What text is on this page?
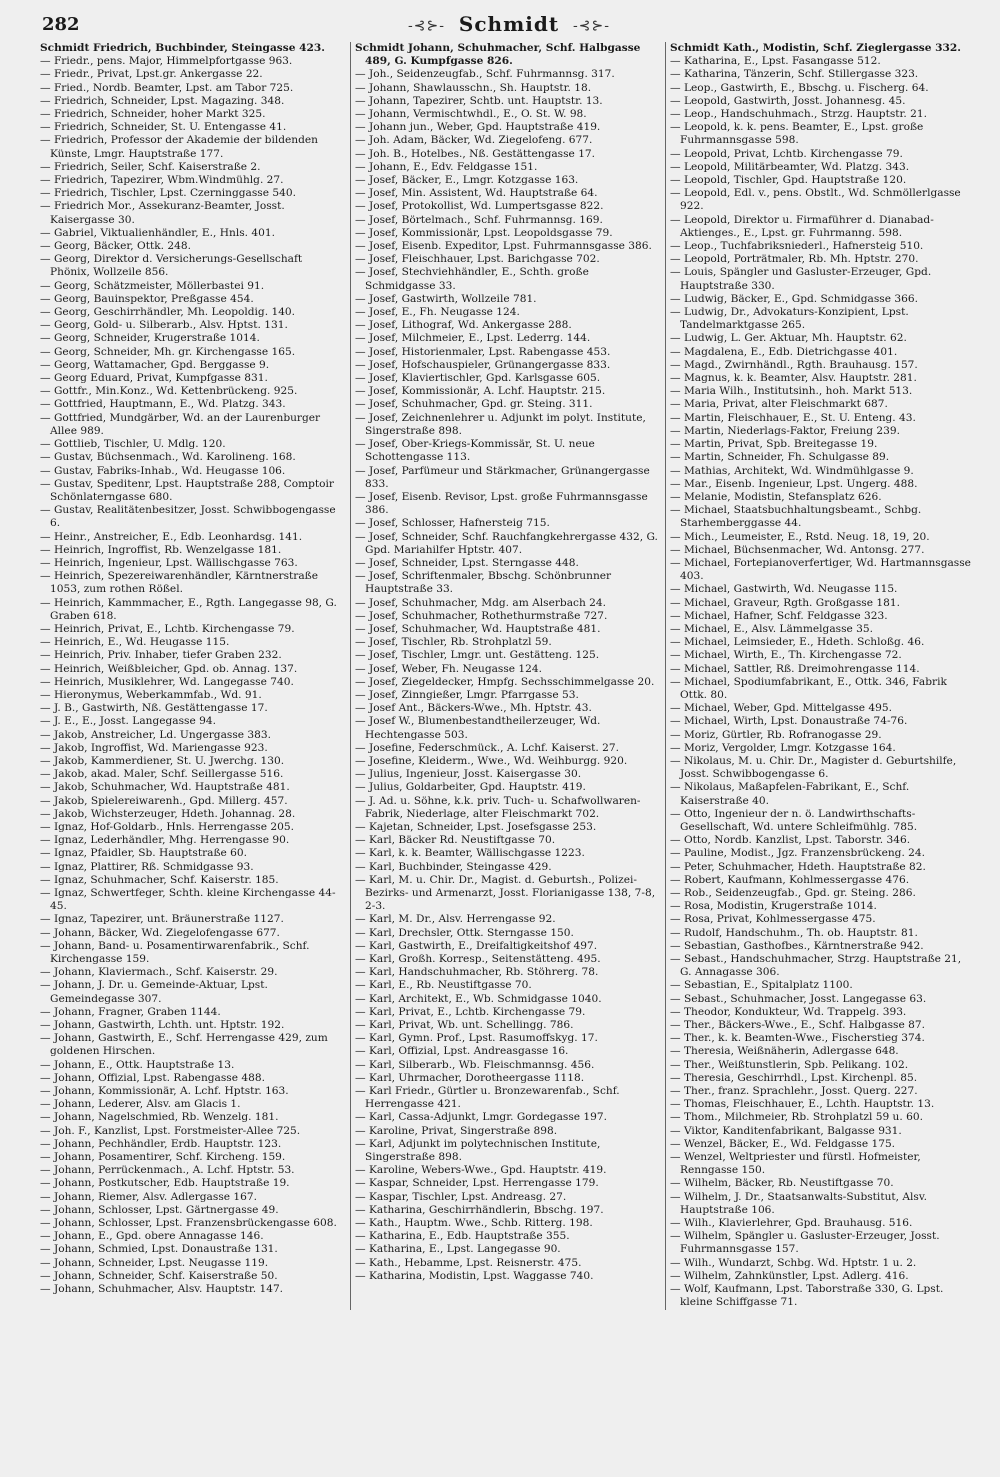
282	-⊰⊱- Schmidt -⊰⊱-
Schmidt Friedrich, Buchbinder, Steingasse 423.
— Friedr., pens. Major, Himmelpfortgasse 963.
— Friedr., Privat, Lpst.gr. Ankergasse 22.
— Fried., Nordb. Beamter, Lpst. am Tabor 725.
— Friedrich, Schneider, Lpst. Magazing. 348.
— Friedrich, Schneider, hoher Markt 325.
— Friedrich, Schneider, St. U. Entengasse 41.
— Friedrich, Professor der Akademie der bildenden Künste, Lmgr. Hauptstraße 177.
— Friedrich, Seiler, Schf. Kaiserstraße 2.
— Friedrich, Tapezirer, Wbm.Windmühlg. 27.
— Friedrich, Tischler, Lpst. Czerninggasse 540.
— Friedrich Mor., Assekuranz-Beamter, Josst. Kaisergasse 30.
— Gabriel, Viktualienhändler, E., Hnls. 401.
— Georg, Bäcker, Ottk. 248.
— Georg, Direktor d. Versicherungs-Gesellschaft Phönix, Wollzeile 856.
— Georg, Schätzmeister, Möllerbastei 91.
— Georg, Bauinspektor, Preßgasse 454.
— Georg, Geschirrhändler, Mh. Leopoldig. 140.
— Georg, Gold- u. Silberarb., Alsv. Hptst. 131.
— Georg, Schneider, Krugerstraße 1014.
— Georg, Schneider, Mh. gr. Kirchengasse 165.
— Georg, Wattamacher, Gpd. Berggasse 9.
— Georg Eduard, Privat, Kumpfgasse 831.
— Gottfr., Min.Konz., Wd. Kettenbrückeng. 925.
— Gottfried, Hauptmann, E., Wd. Platzg. 343.
— Gottfried, Mundgärber, Wd. an der Laurenburger Allee 989.
— Gottlieb, Tischler, U. Mdlg. 120.
— Gustav, Büchsenmach., Wd. Karolineng. 168.
— Gustav, Fabriks-Inhab., Wd. Heugasse 106.
— Gustav, Speditenr, Lpst. Hauptstraße 288, Comptoir Schönlaterngasse 680.
— Gustav, Realitätenbesitzer, Josst. Schwibbogengasse 6.
— Heinr., Anstreicher, E., Edb. Leonhardsg. 141.
— Heinrich, Ingroffist, Rb. Wenzelgasse 181.
— Heinrich, Ingenieur, Lpst. Wällischgasse 763.
— Heinrich, Spezereiwarenhändler, Kärntnerstraße 1053, zum rothen Rößel.
— Heinrich, Kammmacher, E., Rgth. Langegasse 98, G. Graben 618.
— Heinrich, Privat, E., Lchtb. Kirchengasse 79.
— Heinrich, E., Wd. Heugasse 115.
— Heinrich, Priv. Inhaber, tiefer Graben 232.
— Heinrich, Weißbleicher, Gpd. ob. Annag. 137.
— Heinrich, Musiklehrer, Wd. Langegasse 740.
— Hieronymus, Weberkammfab., Wd. 91.
— J. B., Gastwirth, Nß. Gestättengasse 17.
— J. E., E., Josst. Langegasse 94.
— Jakob, Anstreicher, Ld. Ungergasse 383.
— Jakob, Ingroffist, Wd. Mariengasse 923.
— Jakob, Kammerdiener, St. U. Jwerchg. 130.
— Jakob, akad. Maler, Schf. Seillergasse 516.
— Jakob, Schuhmacher, Wd. Hauptstraße 481.
— Jakob, Spielereiwarenh., Gpd. Millerg. 457.
— Jakob, Wichsterzeuger, Hdeth. Johannag. 28.
— Ignaz, Hof-Goldarb., Hnls. Herrengasse 205.
— Ignaz, Lederhändler, Mhg. Herrengasse 90.
— Ignaz, Pfaidler, Sb. Hauptstraße 60.
— Ignaz, Plattirer, Rß. Schmidgasse 93.
— Ignaz, Schuhmacher, Schf. Kaiserstr. 185.
— Ignaz, Schwertfeger, Schth. kleine Kirchengasse 44-45.
— Ignaz, Tapezirer, unt. Bräunerstraße 1127.
— Johann, Bäcker, Wd. Ziegelofengasse 677.
— Johann, Band- u. Posamentirwarenfabrik., Schf. Kirchengasse 159.
— Johann, Klaviermach., Schf. Kaiserstr. 29.
— Johann, J. Dr. u. Gemeinde-Aktuar, Lpst. Gemeindegasse 307.
— Johann, Fragner, Graben 1144.
— Johann, Gastwirth, Lchth. unt. Hptstr. 192.
— Johann, Gastwirth, E., Schf. Herrengasse 429, zum goldenen Hirschen.
— Johann, E., Ottk. Hauptstraße 13.
— Johann, Offizial, Lpst. Rabengasse 488.
— Johann, Kommissionär, A. Lchf. Hptstr. 163.
— Johann, Lederer, Alsv. am Glacis 1.
— Johann, Nagelschmied, Rb. Wenzelg. 181.
— Joh. F., Kanzlist, Lpst. Forstmeister-Allee 725.
— Johann, Pechhändler, Erdb. Hauptstr. 123.
— Johann, Posamentirer, Schf. Kircheng. 159.
— Johann, Perrückenmach., A. Lchf. Hptstr. 53.
— Johann, Postkutscher, Edb. Hauptstraße 19.
— Johann, Riemer, Alsv. Adlergasse 167.
— Johann, Schlosser, Lpst. Gärtnergasse 49.
— Johann, Schlosser, Lpst. Franzensbrückengasse 608.
— Johann, E., Gpd. obere Annagasse 146.
— Johann, Schmied, Lpst. Donaustraße 131.
— Johann, Schneider, Lpst. Neugasse 119.
— Johann, Schneider, Schf. Kaiserstraße 50.
— Johann, Schuhmacher, Alsv. Hauptstr. 147.
Schmidt Johann, Schuhmacher, Schf. Halbgasse 489, G. Kumpfgasse 826.
— Joh., Seidenzeugfab., Schf. Fuhrmannsg. 317.
— Johann, Shawlausschn., Sh. Hauptstr. 18.
— Johann, Tapezirer, Schtb. unt. Hauptstr. 13.
— Johann, Vermischtwhdl., E., O. St. W. 98.
— Johann jun., Weber, Gpd. Hauptstraße 419.
— Joh. Adam, Bäcker, Wd. Ziegelofeng. 677.
— Joh. B., Hotelbes., Nß. Gestättengasse 17.
— Johann, E., Edv. Feldgasse 151.
— Josef, Bäcker, E., Lmgr. Kotzgasse 163.
— Josef, Min. Assistent, Wd. Hauptstraße 64.
— Josef, Protokollist, Wd. Lumpertsgasse 822.
— Josef, Börtelmach., Schf. Fuhrmannsg. 169.
— Josef, Kommissionär, Lpst. Leopoldsgasse 79.
— Josef, Eisenb. Expeditor, Lpst. Fuhrmannsgasse 386.
— Josef, Fleischhauer, Lpst. Barichgasse 702.
— Josef, Stechviehhändler, E., Schth. große Schmidgasse 33.
— Josef, Gastwirth, Wollzeile 781.
— Josef, E., Fh. Neugasse 124.
— Josef, Lithograf, Wd. Ankergasse 288.
— Josef, Milchmeier, E., Lpst. Lederrg. 144.
— Josef, Historienmaler, Lpst. Rabengasse 453.
— Josef, Hofschauspieler, Grünangergasse 833.
— Josef, Klaviertischler, Gpd. Karlsgasse 605.
— Josef, Kommissionär, A. Lchf. Hauptstr. 215.
— Josef, Schuhmacher, Gpd. gr. Steing. 311.
— Josef, Zeichnenlehrer u. Adjunkt im polyt. Institute, Singerstraße 898.
— Josef, Ober-Kriegs-Kommissär, St. U. neue Schottengasse 113.
— Josef, Parfümeur und Stärkmacher, Grünangergasse 833.
— Josef, Eisenb. Revisor, Lpst. große Fuhrmannsgasse 386.
— Josef, Schlosser, Hafnersteig 715.
— Josef, Schneider, Schf. Rauchfangkehrergasse 432, G. Gpd. Mariahilfer Hptstr. 407.
— Josef, Schneider, Lpst. Sterngasse 448.
— Josef, Schriftenmaler, Bbschg. Schönbrunner Hauptstraße 33.
— Josef, Schuhmacher, Mdg. am Alserbach 24.
— Josef, Schuhmacher, Rothethurmstraße 727.
— Josef, Schuhmacher, Wd. Hauptstraße 481.
— Josef, Tischler, Rb. Strohplatzl 59.
— Josef, Tischler, Lmgr. unt. Gestätteng. 125.
— Josef, Weber, Fh. Neugasse 124.
— Josef, Ziegeldecker, Hmpfg. Sechsschimmelgasse 20.
— Josef, Zinngießer, Lmgr. Pfarrgasse 53.
— Josef Ant., Bäckers-Wwe., Mh. Hptstr. 43.
— Josef W., Blumenbestandtheilerzeuger, Wd. Hechtengasse 503.
— Josefine, Federschmück., A. Lchf. Kaiserst. 27.
— Josefine, Kleiderm., Wwe., Wd. Weihburgg. 920.
— Julius, Ingenieur, Josst. Kaisergasse 30.
— Julius, Goldarbeiter, Gpd. Hauptstr. 419.
— J. Ad. u. Söhne, k.k. priv. Tuch- u. Schafwollwaren-Fabrik, Niederlage, alter Fleischmarkt 702.
— Kajetan, Schneider, Lpst. Josefsgasse 253.
— Karl, Bäcker Rd. Neustiftgasse 70.
— Karl, k. k. Beamter, Wällischgasse 1223.
— Karl, Buchbinder, Steingasse 429.
— Karl, M. u. Chir. Dr., Magist. d. Geburtsh., Polizei-Bezirks- und Armenarzt, Josst. Florianigasse 138, 7-8, 2-3.
— Karl, M. Dr., Alsv. Herrengasse 92.
— Karl, Drechsler, Ottk. Sterngasse 150.
— Karl, Gastwirth, E., Dreifaltigkeitshof 497.
— Karl, Großh. Korresp., Seitenstätteng. 495.
— Karl, Handschuhmacher, Rb. Stöhrerg. 78.
— Karl, E., Rb. Neustiftgasse 70.
— Karl, Architekt, E., Wb. Schmidgasse 1040.
— Karl, Privat, E., Lchtb. Kirchengasse 79.
— Karl, Privat, Wb. unt. Schellingg. 786.
— Karl, Gymn. Prof., Lpst. Rasumoffskyg. 17.
— Karl, Offizial, Lpst. Andreasgasse 16.
— Karl, Silberarb., Wb. Fleischmannsg. 456.
— Karl, Uhrmacher, Dorotheergasse 1118.
— Karl Friedr., Gürtler u. Bronzewarenfab., Schf. Herrengasse 421.
— Karl, Cassa-Adjunkt, Lmgr. Gordegasse 197.
— Karoline, Privat, Singerstraße 898.
— Karl, Adjunkt im polytechnischen Institute, Singerstraße 898.
— Karoline, Webers-Wwe., Gpd. Hauptstr. 419.
— Kaspar, Schneider, Lpst. Herrengasse 179.
— Kaspar, Tischler, Lpst. Andreasg. 27.
— Katharina, Geschirrhändlerin, Bbschg. 197.
— Kath., Hauptm. Wwe., Schb. Ritterg. 198.
— Katharina, E., Edb. Hauptstraße 355.
— Katharina, E., Lpst. Langegasse 90.
— Kath., Hebamme, Lpst. Reisnerstr. 475.
— Katharina, Modistin, Lpst. Waggasse 740.
Schmidt Kath., Modistin, Schf. Zieglergasse 332.
— Katharina, E., Lpst. Fasangasse 512.
— Katharina, Tänzerin, Schf. Stillergasse 323.
— Leop., Gastwirth, E., Bbschg. u. Fischerg. 64.
— Leopold, Gastwirth, Josst. Johannesg. 45.
— Leop., Handschuhmach., Strzg. Hauptstr. 21.
— Leopold, k. k. pens. Beamter, E., Lpst. große Fuhrmannsgasse 598.
— Leopold, Privat, Lchtb. Kirchengasse 79.
— Leopold, Militärbeamter, Wd. Platzg. 343.
— Leopold, Tischler, Gpd. Hauptstraße 120.
— Leopold, Edl. v., pens. Obstlt., Wd. Schmöllerlgasse 922.
— Leopold, Direktor u. Firmaführer d. Dianabad-Aktienges., E., Lpst. gr. Fuhrmanng. 598.
— Leop., Tuchfabriksniederl., Hafnersteig 510.
— Leopold, Porträtmaler, Rb. Mh. Hptstr. 270.
— Louis, Spängler und Gasluster-Erzeuger, Gpd. Hauptstraße 330.
— Ludwig, Bäcker, E., Gpd. Schmidgasse 366.
— Ludwig, Dr., Advokaturs-Konzipient, Lpst. Tandelmarktgasse 265.
— Ludwig, L. Ger. Aktuar, Mh. Hauptstr. 62.
— Magdalena, E., Edb. Dietrichgasse 401.
— Magd., Zwirnhändl., Rgth. Brauhausg. 157.
— Magnus, k. k. Beamter, Alsv. Hauptstr. 281.
— Maria Wilh., Institutsinh., hoh. Markt 513.
— Maria, Privat, alter Fleischmarkt 687.
— Martin, Fleischhauer, E., St. U. Enteng. 43.
— Martin, Niederlags-Faktor, Freiung 239.
— Martin, Privat, Spb. Breitegasse 19.
— Martin, Schneider, Fh. Schulgasse 89.
— Mathias, Architekt, Wd. Windmühlgasse 9.
— Mar., Eisenb. Ingenieur, Lpst. Ungerg. 488.
— Melanie, Modistin, Stefansplatz 626.
— Michael, Staatsbuchhaltungsbeamt., Schbg. Starhemberggasse 44.
— Mich., Leumeister, E., Rstd. Neug. 18, 19, 20.
— Michael, Büchsenmacher, Wd. Antonsg. 277.
— Michael, Fortepianoverfertiger, Wd. Hartmannsgasse 403.
— Michael, Gastwirth, Wd. Neugasse 115.
— Michael, Graveur, Rgth. Großgasse 181.
— Michael, Hafner, Schf. Feldgasse 323.
— Michael, E., Alsv. Lämmelgasse 35.
— Michael, Leimsieder, E., Hdeth. Schloßg. 46.
— Michael, Wirth, E., Th. Kirchengasse 72.
— Michael, Sattler, Rß. Dreimohrengasse 114.
— Michael, Spodiumfabrikant, E., Ottk. 346, Fabrik Ottk. 80.
— Michael, Weber, Gpd. Mittelgasse 495.
— Michael, Wirth, Lpst. Donaustraße 74-76.
— Moriz, Gürtler, Rb. Rofranogasse 29.
— Moriz, Vergolder, Lmgr. Kotzgasse 164.
— Nikolaus, M. u. Chir. Dr., Magister d. Geburtshilfe, Josst. Schwibbogengasse 6.
— Nikolaus, Maßapfelen-Fabrikant, E., Schf. Kaiserstraße 40.
— Otto, Ingenieur der n. ö. Landwirthschafts-Gesellschaft, Wd. untere Schleifmühlg. 785.
— Otto, Nordb. Kanzlist, Lpst. Taborstr. 346.
— Pauline, Modist., Jgz. Franzensbrückeng. 24.
— Peter, Schuhmacher, Hdeth. Hauptstraße 82.
— Robert, Kaufmann, Kohlmessergasse 476.
— Rob., Seidenzeugfab., Gpd. gr. Steing. 286.
— Rosa, Modistin, Krugerstraße 1014.
— Rosa, Privat, Kohlmessergasse 475.
— Rudolf, Handschuhm., Th. ob. Hauptstr. 81.
— Sebastian, Gasthofbes., Kärntnerstraße 942.
— Sebast., Handschuhmacher, Strzg. Hauptstraße 21, G. Annagasse 306.
— Sebastian, E., Spitalplatz 1100.
— Sebast., Schuhmacher, Josst. Langegasse 63.
— Theodor, Kondukteur, Wd. Trappelg. 393.
— Ther., Bäckers-Wwe., E., Schf. Halbgasse 87.
— Ther., k. k. Beamten-Wwe., Fischerstieg 374.
— Theresia, Weißnäherin, Adlergasse 648.
— Ther., Weißtunstlerin, Spb. Pelikang. 102.
— Theresia, Geschirrhdl., Lpst. Kirchenpl. 85.
— Ther., franz. Sprachlehr., Josst. Querg. 227.
— Thomas, Fleischhauer, E., Lchth. Hauptstr. 13.
— Thom., Milchmeier, Rb. Strohplatzl 59 u. 60.
— Viktor, Kanditenfabrikant, Balgasse 931.
— Wenzel, Bäcker, E., Wd. Feldgasse 175.
— Wenzel, Weltpriester und fürstl. Hofmeister, Renngasse 150.
— Wilhelm, Bäcker, Rb. Neustiftgasse 70.
— Wilhelm, J. Dr., Staatsanwalts-Substitut, Alsv. Hauptstraße 106.
— Wilh., Klavierlehrer, Gpd. Brauhausg. 516.
— Wilhelm, Spängler u. Gasluster-Erzeuger, Josst. Fuhrmannsgasse 157.
— Wilh., Wundarzt, Schbg. Wd. Hptstr. 1 u. 2.
— Wilhelm, Zahnkünstler, Lpst. Adlerg. 416.
— Wolf, Kaufmann, Lpst. Taborstraße 330, G. Lpst. kleine Schiffgasse 71.
